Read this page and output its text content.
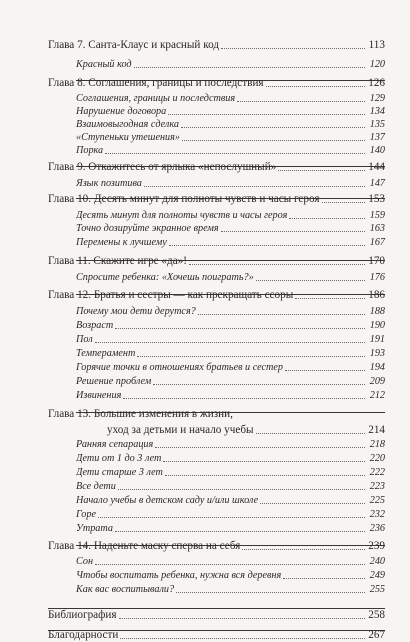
Глава 7. Санта-Клаус и красный код	113
Красный код	120
Глава 8. Соглашения, границы и последствия	126
Соглашения, границы и последствия	129
Нарушение договора	134
Взаимовыгодная сделка	135
«Ступеньки утешения»	137
Порка	140
Глава 9. Откажитесь от ярлыка «непослушный»	144
Язык позитива	147
Глава 10. Десять минут для полноты чувств и часы героя	153
Десять минут для полноты чувств и часы героя	159
Точно дозируйте экранное время	163
Перемены к лучшему	167
Глава 11. Скажите игре «да»!	170
Спросите ребенка: «Хочешь поиграть?»	176
Глава 12. Братья и сестры — как прекращать ссоры	186
Почему мои дети дерутся?	188
Возраст	190
Пол	191
Темперамент	193
Горячие точки в отношениях братьев и сестер	194
Решение проблем	209
Извинения	212
Глава 13. Большие изменения в жизни,
уход за детьми и начало учебы	214
Ранняя сепарация	218
Дети от 1 до 3 лет	220
Дети старше 3 лет	222
Все дети	223
Начало учебы в детском саду и/или школе	225
Горе	232
Утрата	236
Глава 14. Наденьте маску сперва на себя	239
Сон	240
Чтобы воспитать ребенка, нужна вся деревня	249
Как вас воспитывали?	255
Библиография	258
Благодарности	267
